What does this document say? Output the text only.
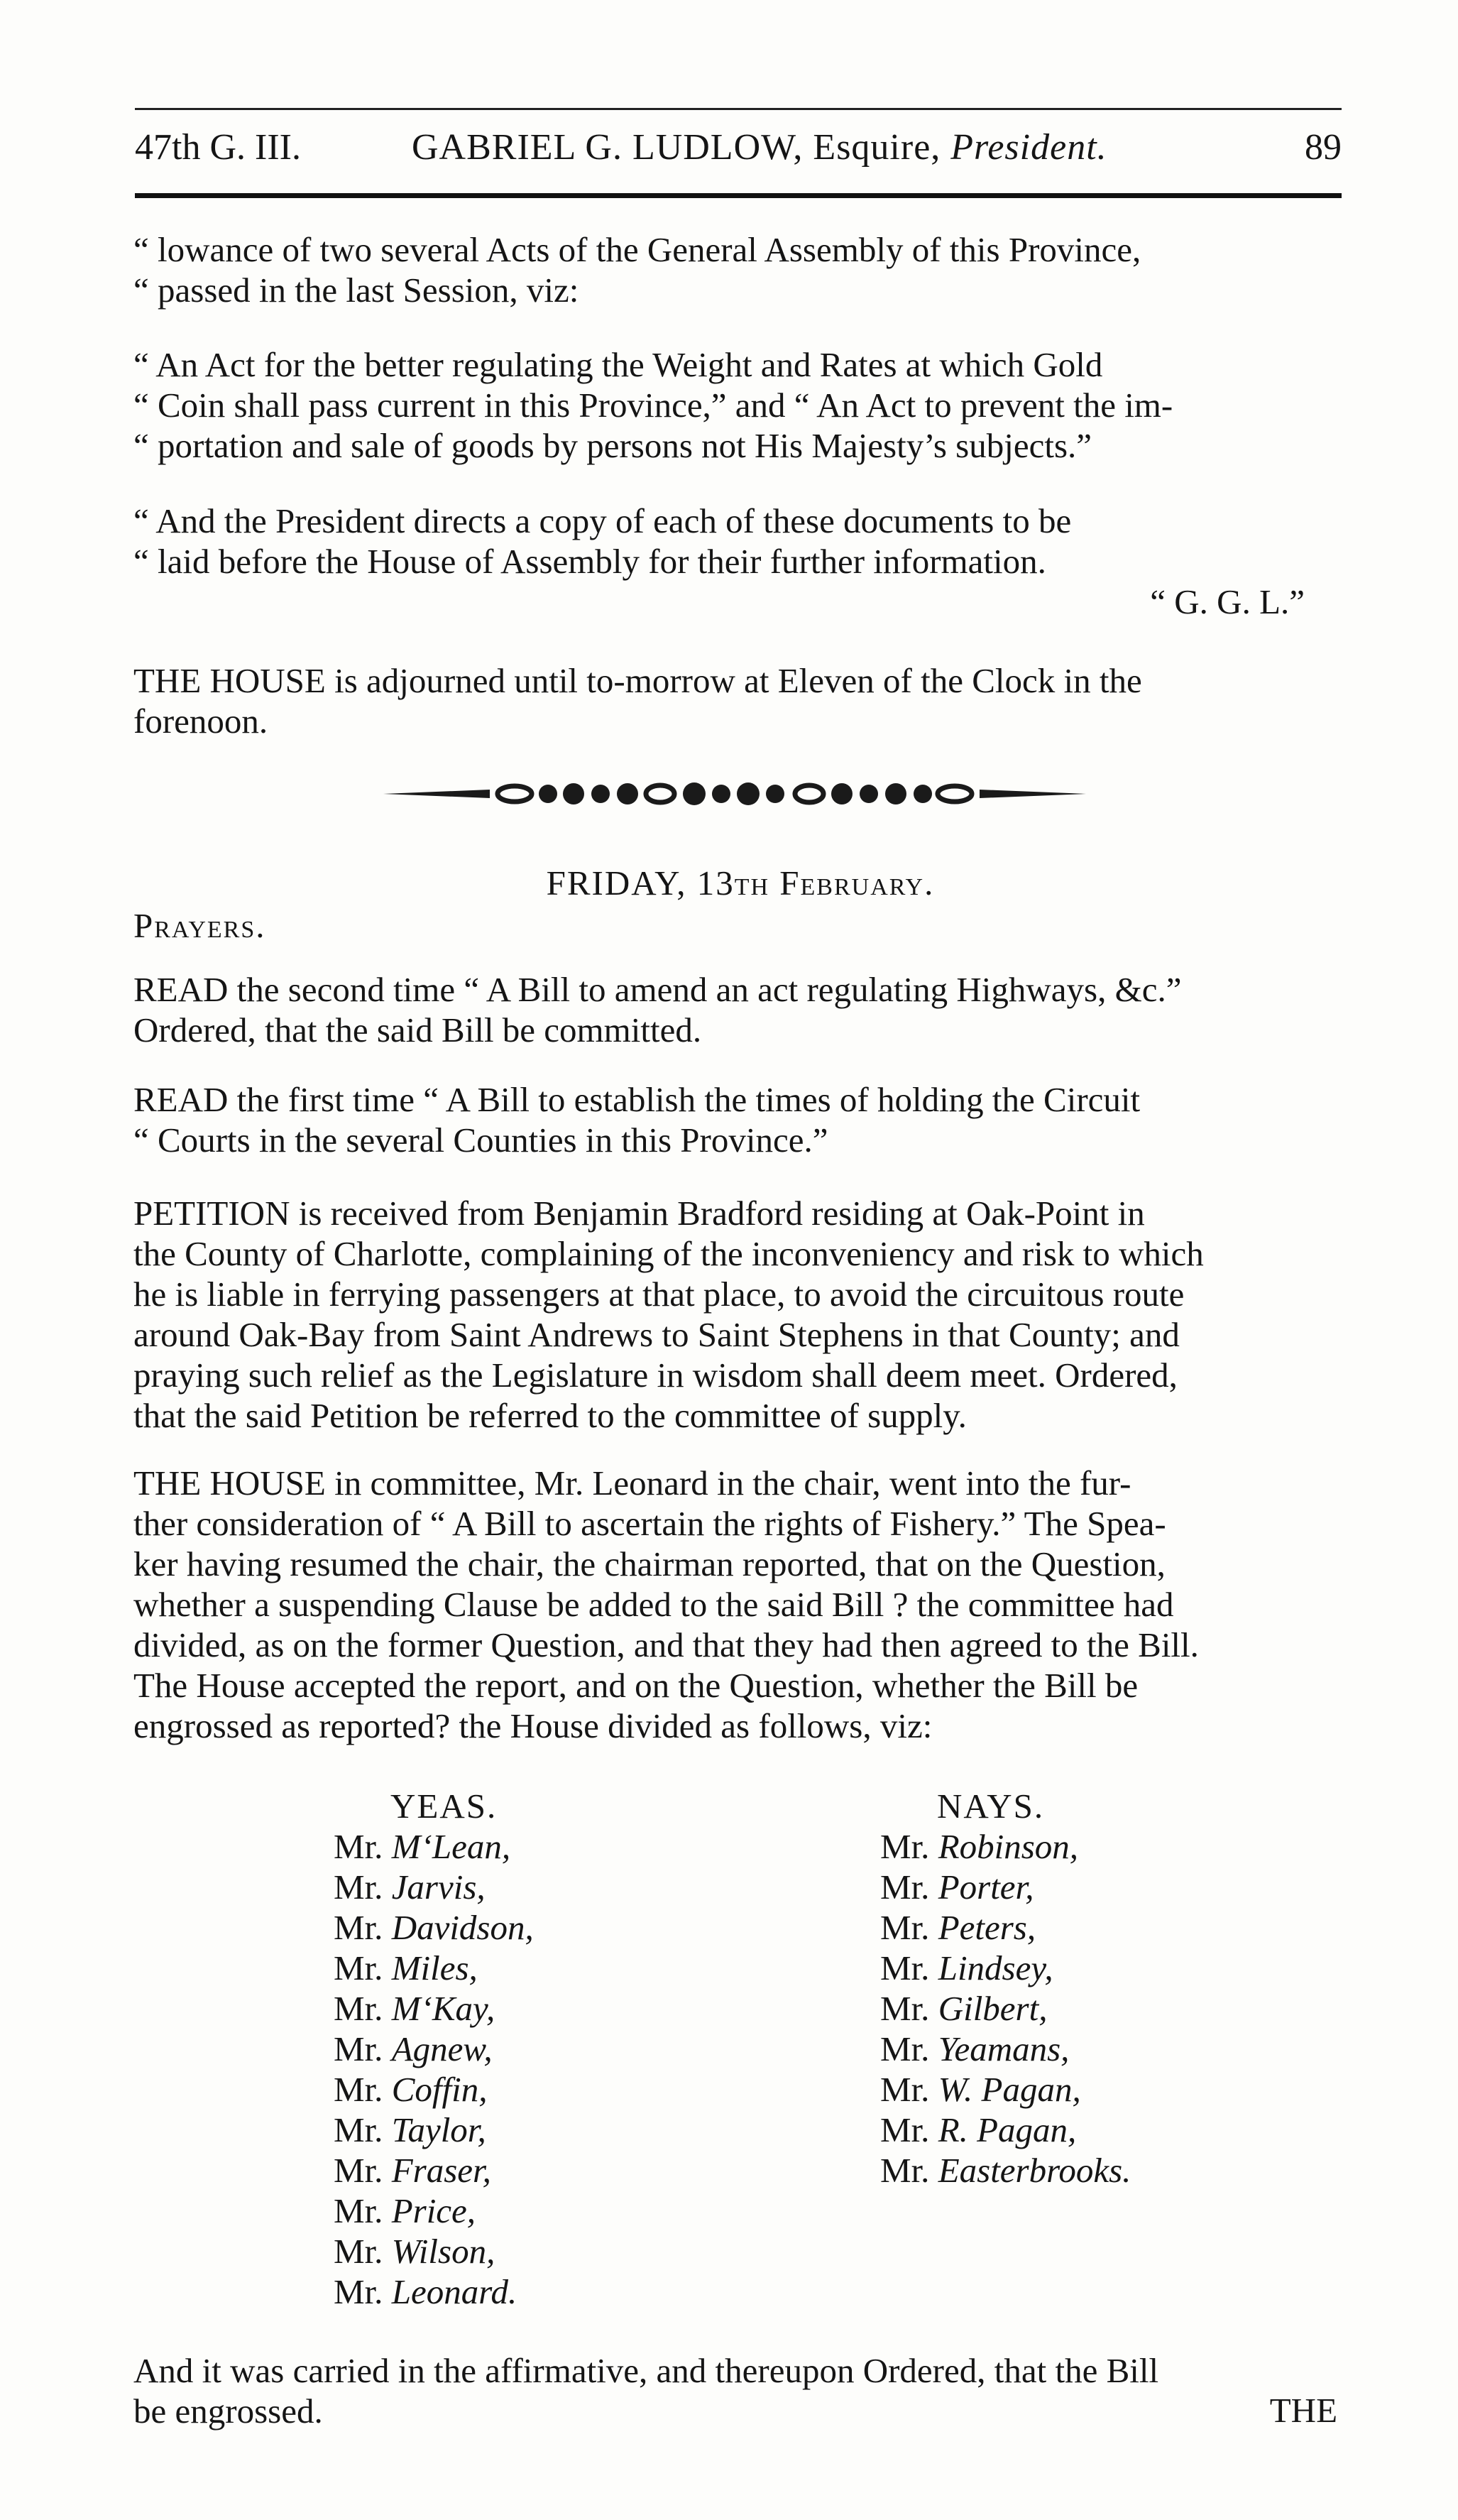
47th G. III.	GABRIEL G. LUDLOW, Esquire, President.	89
“ lowance of two several Acts of the General Assembly of this Province,
“ passed in the last Session, viz:
“ An Act for the better regulating the Weight and Rates at which Gold
“ Coin shall pass current in this Province,” and “ An Act to prevent the im-
“ portation and sale of goods by persons not His Majesty’s subjects.”
“ And the President directs a copy of each of these documents to be
“ laid before the House of Assembly for their further information.
“ G. G. L.”
THE HOUSE is adjourned until to-morrow at Eleven of the Clock in the
forenoon.
FRIDAY, 13th February.
Prayers.
READ the second time “ A Bill to amend an act regulating Highways, &c.”
Ordered, that the said Bill be committed.
READ the first time “ A Bill to establish the times of holding the Circuit
“ Courts in the several Counties in this Province.”
PETITION is received from Benjamin Bradford residing at Oak-Point in
the County of Charlotte, complaining of the inconveniency and risk to which
he is liable in ferrying passengers at that place, to avoid the circuitous route
around Oak-Bay from Saint Andrews to Saint Stephens in that County; and
praying such relief as the Legislature in wisdom shall deem meet. Ordered,
that the said Petition be referred to the committee of supply.
THE HOUSE in committee, Mr. Leonard in the chair, went into the fur-
ther consideration of “ A Bill to ascertain the rights of Fishery.” The Spea-
ker having resumed the chair, the chairman reported, that on the Question,
whether a suspending Clause be added to the said Bill ? the committee had
divided, as on the former Question, and that they had then agreed to the Bill.
The House accepted the report, and on the Question, whether the Bill be
engrossed as reported? the House divided as follows, viz:
YEAS.
Mr. M‘Lean,
Mr. Jarvis,
Mr. Davidson,
Mr. Miles,
Mr. M‘Kay,
Mr. Agnew,
Mr. Coffin,
Mr. Taylor,
Mr. Fraser,
Mr. Price,
Mr. Wilson,
Mr. Leonard.
NAYS.
Mr. Robinson,
Mr. Porter,
Mr. Peters,
Mr. Lindsey,
Mr. Gilbert,
Mr. Yeamans,
Mr. W. Pagan,
Mr. R. Pagan,
Mr. Easterbrooks.
And it was carried in the affirmative, and thereupon Ordered, that the Bill
be engrossed.	THE
